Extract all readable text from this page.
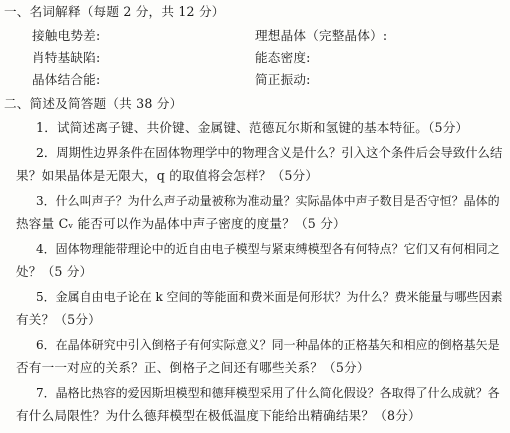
一、名词解释（每题 2 分，共 12 分）
接触电势差:	理想晶体（完整晶体）:
肖特基缺陷:	能态密度:
晶体结合能:	简正振动:
二、简述及简答题（共 38 分）
1．试简述离子键、共价键、金属键、范德瓦尔斯和氢键的基本特征。（5分）
2．周期性边界条件在固体物理学中的物理含义是什么？引入这个条件后会导致什么结
果？如果晶体是无限大，q 的取值将会怎样？（5分）
3．什么叫声子？为什么声子动量被称为准动量？实际晶体中声子数目是否守恒？晶体的
热容量 Cᵥ 能否可以作为晶体中声子密度的度量？（5 分）
4．固体物理能带理论中的近自由电子模型与紧束缚模型各有何特点？它们又有何相同之
处？（5 分）
5．金属自由电子论在 k 空间的等能面和费米面是何形状？为什么？费米能量与哪些因素
有关？（5分）
6．在晶体研究中引入倒格子有何实际意义？同一种晶体的正格基矢和相应的倒格基矢是
否有一一对应的关系？正、倒格子之间还有哪些关系？（5分）
7．晶格比热容的爱因斯坦模型和德拜模型采用了什么简化假设？各取得了什么成就？各
有什么局限性？为什么德拜模型在极低温度下能给出精确结果？（8分）
